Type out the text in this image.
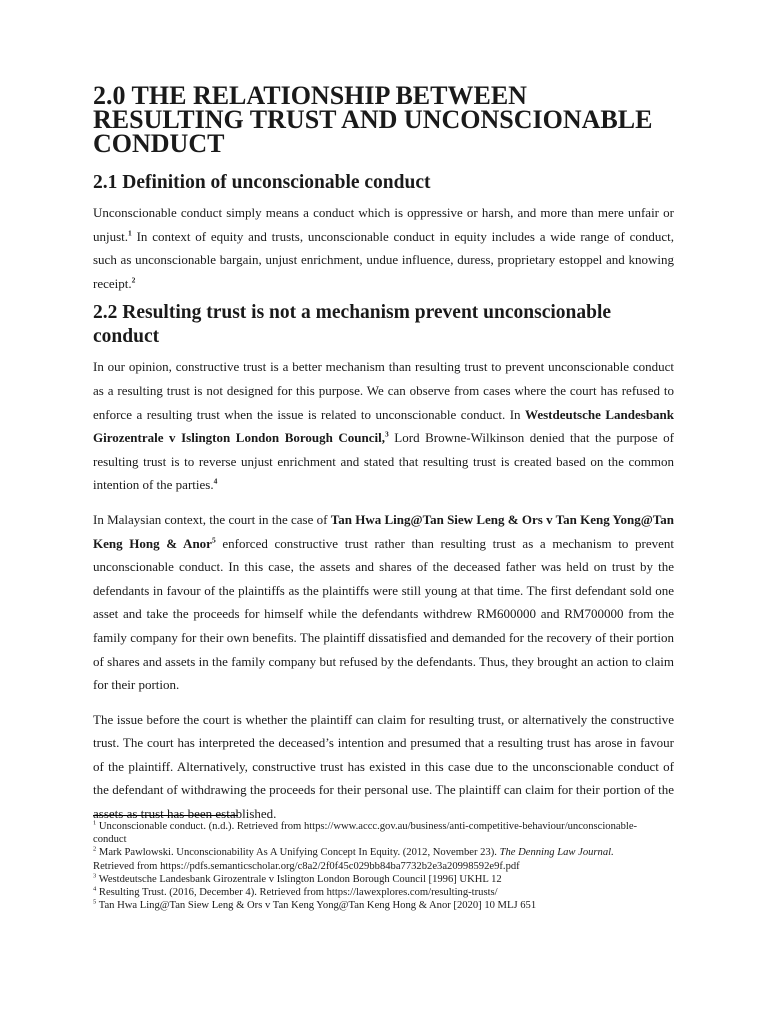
2.0 THE RELATIONSHIP BETWEEN RESULTING TRUST AND UNCONSCIONABLE CONDUCT
2.1 Definition of unconscionable conduct

Unconscionable conduct simply means a conduct which is oppressive or harsh, and more than mere unfair or unjust.$^1$ In context of equity and trusts, unconscionable conduct in equity includes a wide range of conduct, such as unconscionable bargain, unjust enrichment, undue influence, duress, proprietary estoppel and knowing receipt.$^2$

2.2 Resulting trust is not a mechanism prevent unconscionable conduct

In our opinion, constructive trust is a better mechanism than resulting trust to prevent unconscionable conduct as a resulting trust is not designed for this purpose. We can observe from cases where the court has refused to enforce a resulting trust when the issue is related to unconscionable conduct. In Westdeutsche Landesbank Girozentrale v Islington London Borough Council,$^3$ Lord Browne-Wilkinson denied that the purpose of resulting trust is to reverse unjust enrichment and stated that resulting trust is created based on the common intention of the parties.$^4$

In Malaysian context, the court in the case of Tan Hwa Ling@Tan Siew Leng & Ors v Tan Keng Yong@Tan Keng Hong & Anor$^5$ enforced constructive trust rather than resulting trust as a mechanism to prevent unconscionable conduct. In this case, the assets and shares of the deceased father was held on trust by the defendants in favour of the plaintiffs as the plaintiffs were still young at that time. The first defendant sold one asset and take the proceeds for himself while the defendants withdrew RM600000 and RM700000 from the family company for their own benefits. The plaintiff dissatisfied and demanded for the recovery of their portion of shares and assets in the family company but refused by the defendants. Thus, they brought an action to claim for their portion.

The issue before the court is whether the plaintiff can claim for resulting trust, or alternatively the constructive trust. The court has interpreted the deceased’s intention and presumed that a resulting trust has arose in favour of the plaintiff. Alternatively, constructive trust has existed in this case due to the unconscionable conduct of the defendant of withdrawing the proceeds for their personal use. The plaintiff can claim for their portion of the assets as trust has been established.

$^1$ Unconscionable conduct. (n.d.). Retrieved from https://www.accc.gov.au/business/anti-competitive-behaviour/unconscionable-conduct

$^2$ Mark Pawlowski. Unconscionability As A Unifying Concept In Equity. (2012, November 23). The Denning Law Journal. Retrieved from https://pdfs.semanticscholar.org/c8a2/2f0f45c029bb84ba7732b2e3a20998592e9f.pdf

$^3$ Westdeutsche Landesbank Girozentrale v Islington London Borough Council [1996] UKHL 12

$^4$ Resulting Trust. (2016, December 4). Retrieved from https://lawexplores.com/resulting-trusts/

$^5$ Tan Hwa Ling@Tan Siew Leng & Ors v Tan Keng Yong@Tan Keng Hong & Anor [2020] 10 MLJ 651
